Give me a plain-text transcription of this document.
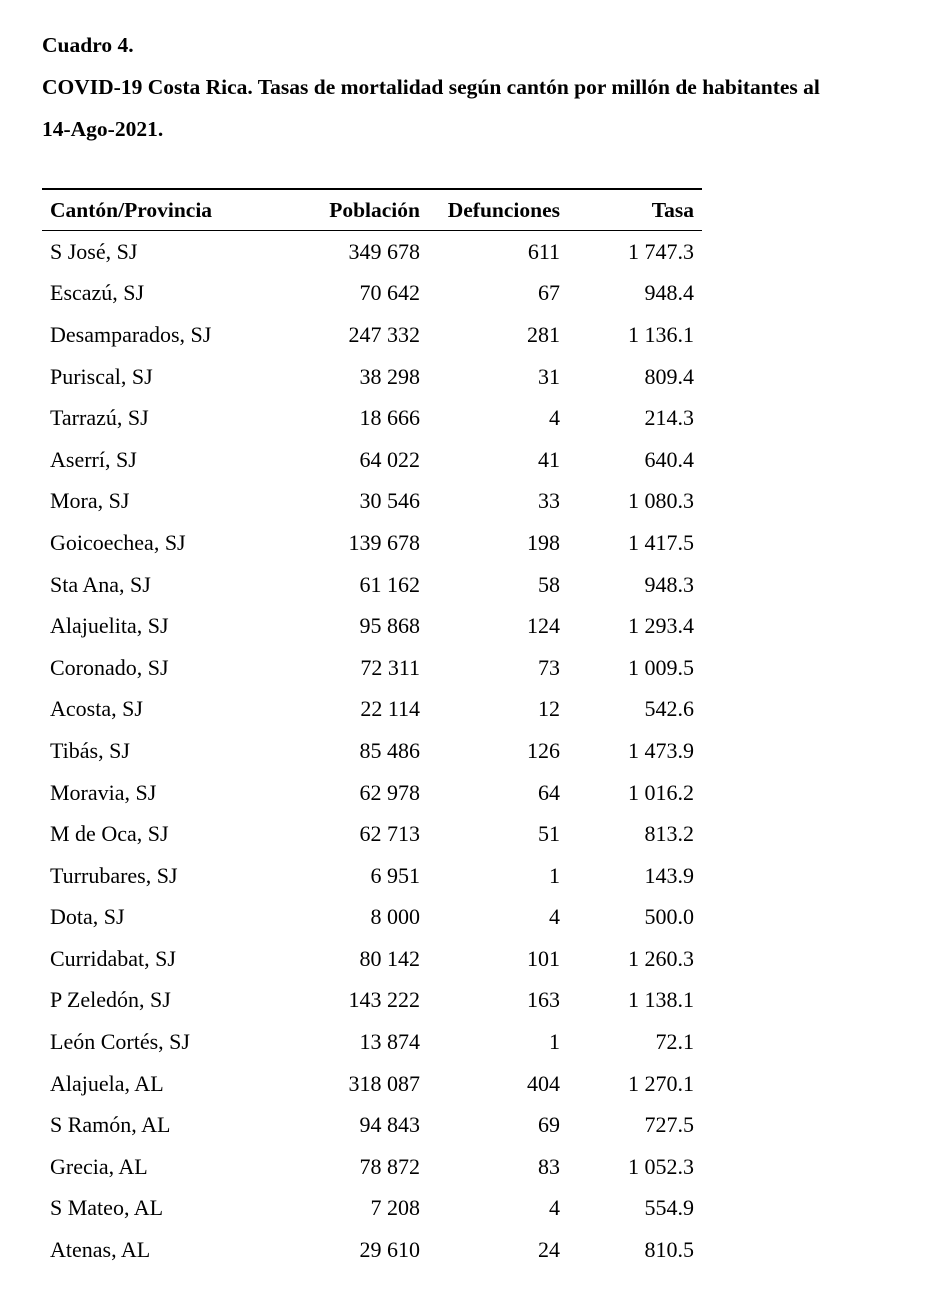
Cuadro 4.
COVID-19 Costa Rica. Tasas de mortalidad según cantón por millón de habitantes al
14-Ago-2021.
Cantón/Provincia	Población	Defunciones	Tasa
S José, SJ	349 678	611	1 747.3
Escazú, SJ	70 642	67	948.4
Desamparados, SJ	247 332	281	1 136.1
Puriscal, SJ	38 298	31	809.4
Tarrazú, SJ	18 666	4	214.3
Aserrí, SJ	64 022	41	640.4
Mora, SJ	30 546	33	1 080.3
Goicoechea, SJ	139 678	198	1 417.5
Sta Ana, SJ	61 162	58	948.3
Alajuelita, SJ	95 868	124	1 293.4
Coronado, SJ	72 311	73	1 009.5
Acosta, SJ	22 114	12	542.6
Tibás, SJ	85 486	126	1 473.9
Moravia, SJ	62 978	64	1 016.2
M de Oca, SJ	62 713	51	813.2
Turrubares, SJ	6 951	1	143.9
Dota, SJ	8 000	4	500.0
Curridabat, SJ	80 142	101	1 260.3
P Zeledón, SJ	143 222	163	1 138.1
León Cortés, SJ	13 874	1	72.1
Alajuela, AL	318 087	404	1 270.1
S Ramón, AL	94 843	69	727.5
Grecia, AL	78 872	83	1 052.3
S Mateo, AL	7 208	4	554.9
Atenas, AL	29 610	24	810.5
